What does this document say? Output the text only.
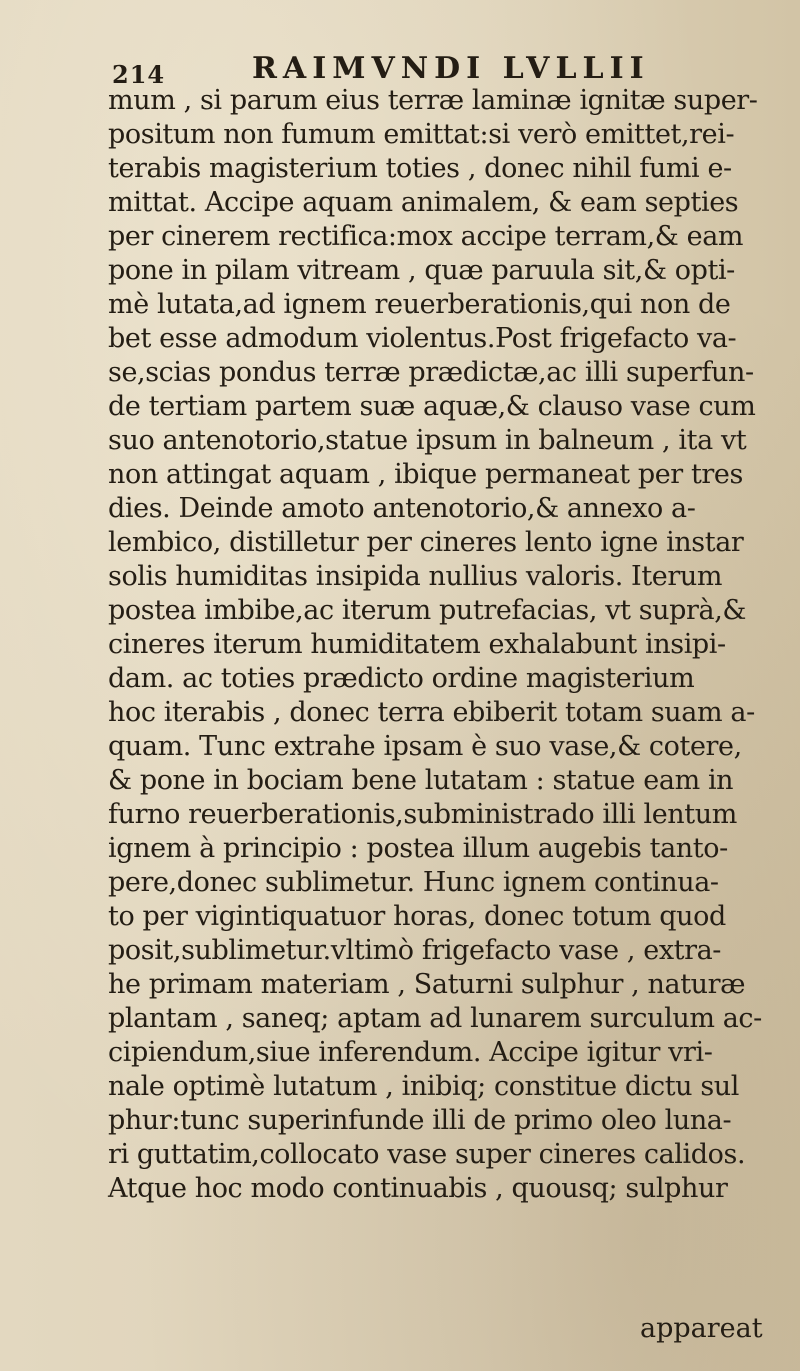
214	RAIMVNDI LVLLII
mum , si parum eius terræ laminæ ignitæ super-
positum non fumum emittat:si verò emittet,rei-
terabis magisterium toties , donec nihil fumi e-
mittat. Accipe aquam animalem, & eam septies
per cinerem rectifica:mox accipe terram,& eam
pone in pilam vitream , quæ paruula sit,& opti-
mè lutata,ad ignem reuerberationis,qui non de
bet esse admodum violentus.Post frigefacto va-
se,scias pondus terræ prædictæ,ac illi superfun-
de tertiam partem suæ aquæ,& clauso vase cum
suo antenotorio,statue ipsum in balneum , ita vt
non attingat aquam , ibique permaneat per tres
dies. Deinde amoto antenotorio,& annexo a-
lembico, distilletur per cineres lento igne instar
solis humiditas insipida nullius valoris. Iterum
postea imbibe,ac iterum putrefacias, vt suprà,&
cineres iterum humiditatem exhalabunt insipi-
dam. ac toties prædicto ordine magisterium
hoc iterabis , donec terra ebiberit totam suam a-
quam. Tunc extrahe ipsam è suo vase,& cotere,
& pone in bociam bene lutatam : statue eam in
furno reuerberationis,subministrado illi lentum
ignem à principio : postea illum augebis tanto-
pere,donec sublimetur. Hunc ignem continua-
to per vigintiquatuor horas, donec totum quod
posit,sublimetur.vltimò frigefacto vase , extra-
he primam materiam , Saturni sulphur , naturæ
plantam , saneq; aptam ad lunarem surculum ac-
cipiendum,siue inferendum. Accipe igitur vri-
nale optimè lutatum , inibiq; constitue dictu sul
phur:tunc superinfunde illi de primo oleo luna-
ri guttatim,collocato vase super cineres calidos.
Atque hoc modo continuabis , quousq; sulphur
appareat
